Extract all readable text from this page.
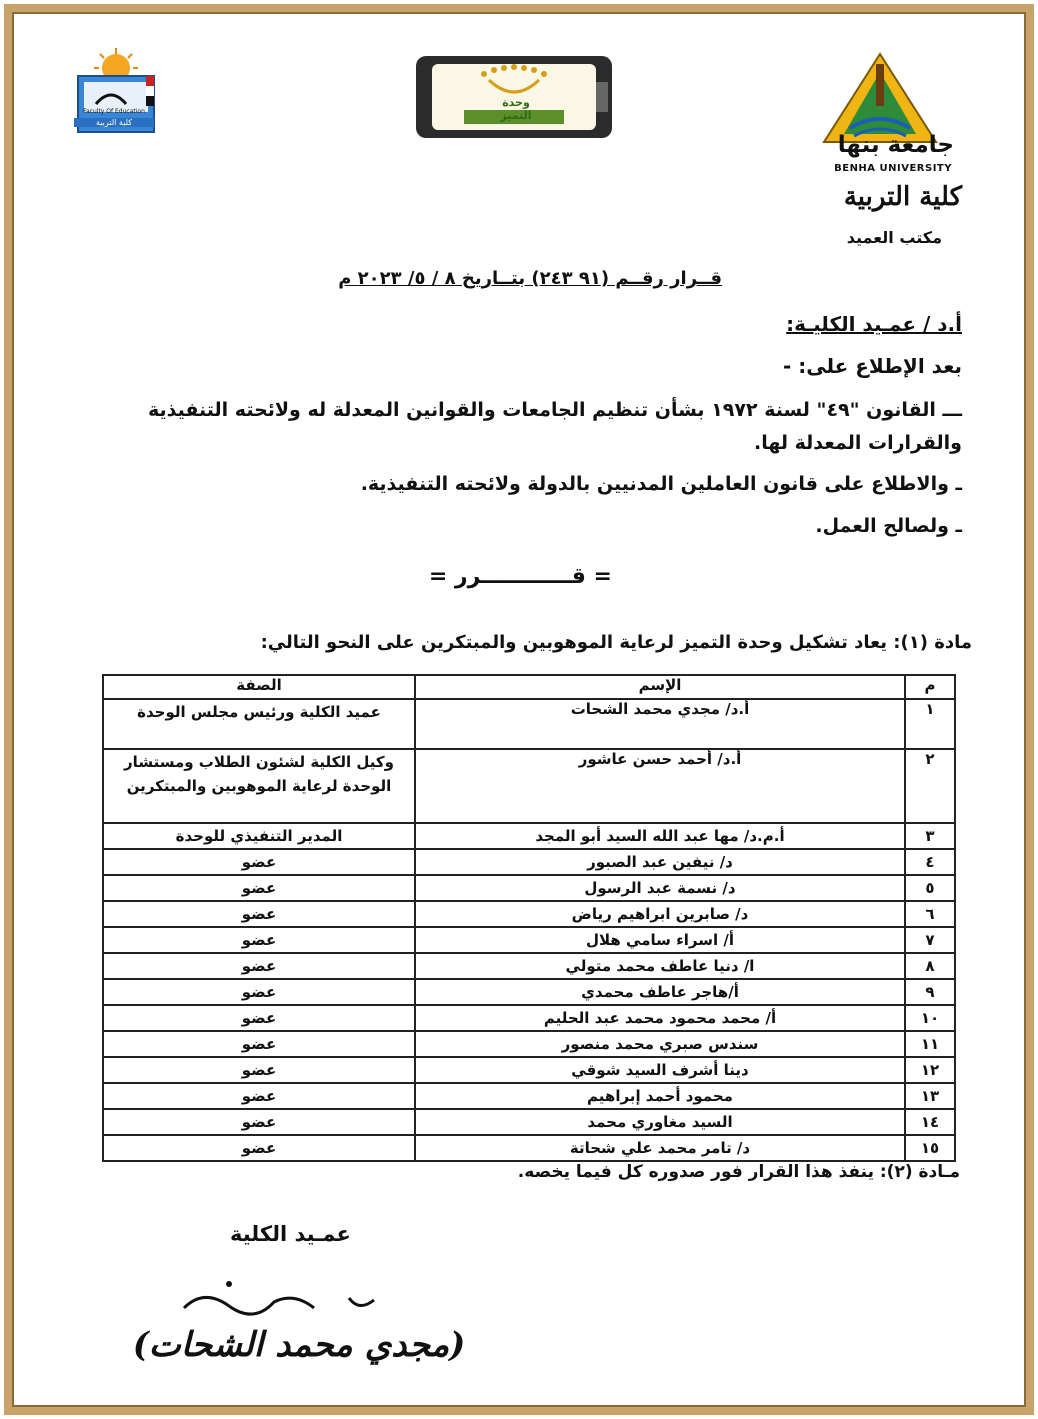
كلية التربية
Faculty Of Education
وحدة التميز
جامعة بنها
BENHA UNIVERSITY
كلية التربية
مكتب العميد
قــرار رقــم (٩١ ٢٤٣) بتــاريخ ٨ / ٥/ ٢٠٢٣ م
أ.د / عمـيد الكليـة:
بعد الإطلاع على: -
ـــ القانون "٤٩" لسنة ١٩٧٢ بشأن تنظيم الجامعات والقوانين المعدلة له ولائحته التنفيذية والقرارات المعدلة لها.
ـ والاطلاع على قانون العاملين المدنيين بالدولة ولائحته التنفيذية.
ـ ولصالح العمل.
= قــــــــــــرر =
مادة (١): يعاد تشكيل وحدة التميز لرعاية الموهوبين والمبتكرين على النحو التالي:
م	الإسم	الصفة
١	أ.د/ مجدي محمد الشحات	عميد الكلية ورئيس مجلس الوحدة
٢	أ.د/ أحمد حسن عاشور	وكيل الكلية لشئون الطلاب ومستشار الوحدة لرعاية الموهوبين والمبتكرين
٣	أ.م.د/ مها عبد الله السيد أبو المجد	المدير التنفيذي للوحدة
٤	د/ نيفين عبد الصبور	عضو
٥	د/ نسمة عبد الرسول	عضو
٦	د/ صابرين ابراهيم رياض	عضو
٧	أ/ اسراء سامي هلال	عضو
٨	ا/ دنيا عاطف محمد متولي	عضو
٩	أ/هاجر عاطف محمدي	عضو
١٠	أ/ محمد محمود محمد عبد الحليم	عضو
١١	سندس صبري محمد منصور	عضو
١٢	دينا أشرف السيد شوقي	عضو
١٣	محمود أحمد إبراهيم	عضو
١٤	السيد مغاوري محمد	عضو
١٥	د/ تامر محمد علي شحاتة	عضو
مـادة (٢): ينفذ هذا القرار فور صدوره كل فيما يخصه.
عمـيد الكلية
(مجدي محمد الشحات)
